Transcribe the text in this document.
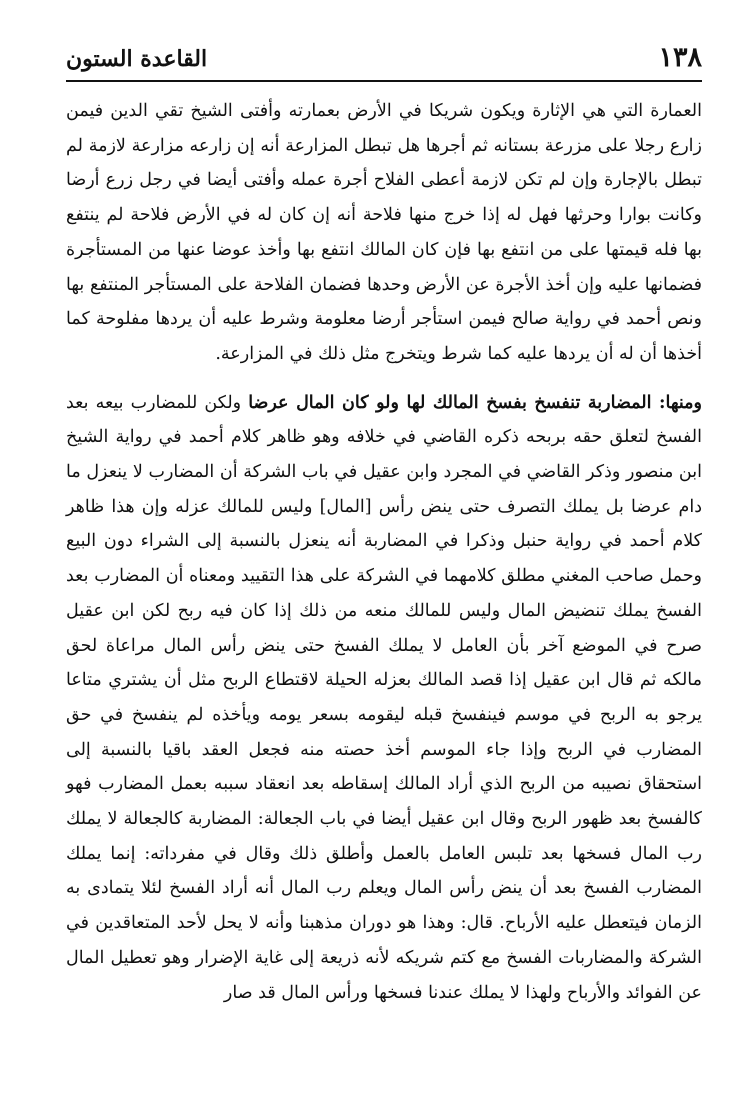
١٣٨
القاعدة الستون

العمارة التي هي الإثارة ويكون شريكا في الأرض بعمارته وأفتى الشيخ تقي الدين فيمن زارع رجلا على مزرعة بستانه ثم أجرها هل تبطل المزارعة أنه إن زارعه مزارعة لازمة لم تبطل بالإجارة وإن لم تكن لازمة أعطى الفلاح أجرة عمله وأفتى أيضا في رجل زرع أرضا وكانت بوارا وحرثها فهل له إذا خرج منها فلاحة أنه إن كان له في الأرض فلاحة لم ينتفع بها فله قيمتها على من انتفع بها فإن كان المالك انتفع بها وأخذ عوضا عنها من المستأجرة فضمانها عليه وإن أخذ الأجرة عن الأرض وحدها فضمان الفلاحة على المستأجر المنتفع بها ونص أحمد في رواية صالح فيمن استأجر أرضا معلومة وشرط عليه أن يردها مفلوحة كما أخذها أن له أن يردها عليه كما شرط ويتخرج مثل ذلك في المزارعة.

ومنها: المضاربة تنفسخ بفسخ المالك لها ولو كان المال عرضا ولكن للمضارب بيعه بعد الفسخ لتعلق حقه بربحه ذكره القاضي في خلافه وهو ظاهر كلام أحمد في رواية الشيخ ابن منصور وذكر القاضي في المجرد وابن عقيل في باب الشركة أن المضارب لا ينعزل ما دام عرضا بل يملك التصرف حتى ينض رأس [المال] وليس للمالك عزله وإن هذا ظاهر كلام أحمد في رواية حنبل وذكرا في المضاربة أنه ينعزل بالنسبة إلى الشراء دون البيع وحمل صاحب المغني مطلق كلامهما في الشركة على هذا التقييد ومعناه أن المضارب بعد الفسخ يملك تنضيض المال وليس للمالك منعه من ذلك إذا كان فيه ربح لكن ابن عقيل صرح في الموضع آخر بأن العامل لا يملك الفسخ حتى ينض رأس المال مراعاة لحق مالكه ثم قال ابن عقيل إذا قصد المالك بعزله الحيلة لاقتطاع الربح مثل أن يشتري متاعا يرجو به الربح في موسم فينفسخ قبله ليقومه بسعر يومه ويأخذه لم ينفسخ في حق المضارب في الربح وإذا جاء الموسم أخذ حصته منه فجعل العقد باقيا بالنسبة إلى استحقاق نصيبه من الربح الذي أراد المالك إسقاطه بعد انعقاد سببه بعمل المضارب فهو كالفسخ بعد ظهور الربح وقال ابن عقيل أيضا في باب الجعالة: المضاربة كالجعالة لا يملك رب المال فسخها بعد تلبس العامل بالعمل وأطلق ذلك وقال في مفرداته: إنما يملك المضارب الفسخ بعد أن ينض رأس المال ويعلم رب المال أنه أراد الفسخ لئلا يتمادى به الزمان فيتعطل عليه الأرباح. قال: وهذا هو دوران مذهبنا وأنه لا يحل لأحد المتعاقدين في الشركة والمضاربات الفسخ مع كتم شريكه لأنه ذريعة إلى غاية الإضرار وهو تعطيل المال عن الفوائد والأرباح ولهذا لا يملك عندنا فسخها ورأس المال قد صار
